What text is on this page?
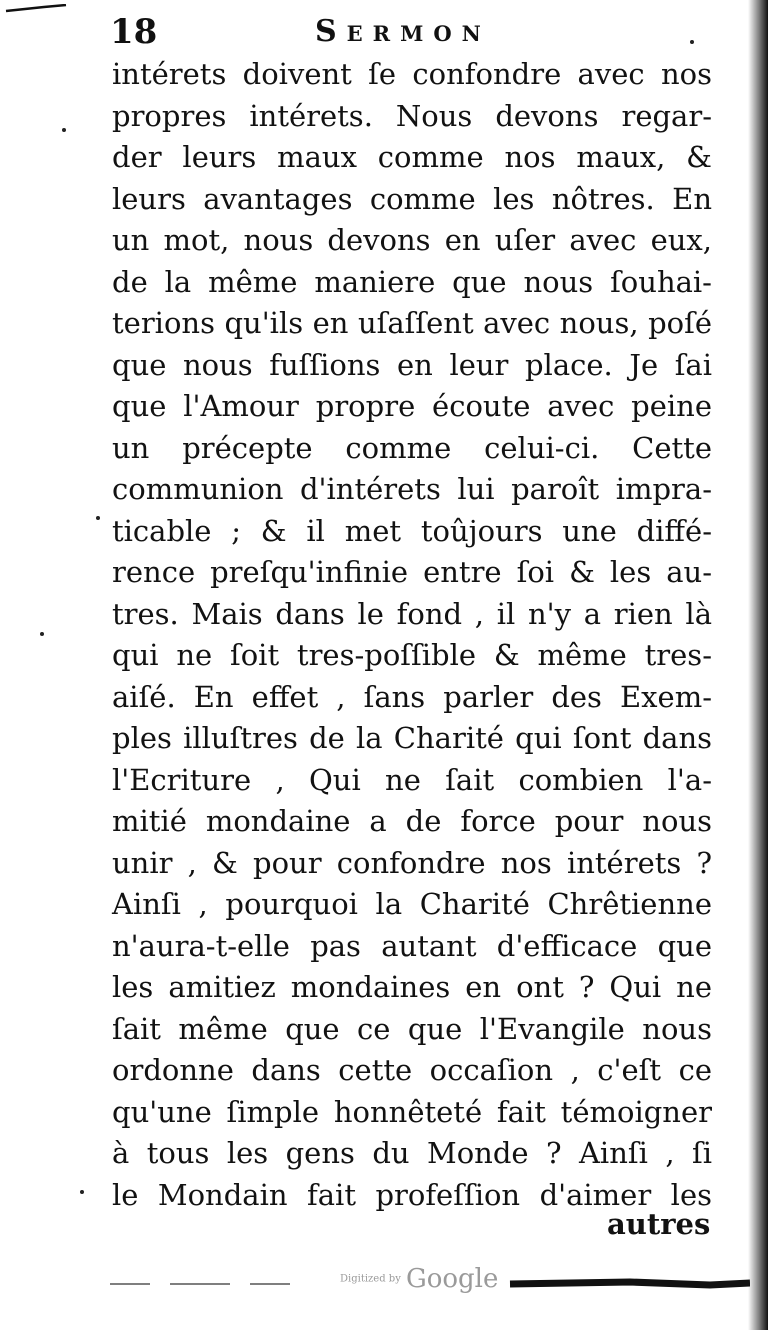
18	Sermon
intérets doivent ſe confondre avec nos
propres intérets. Nous devons regar-
der leurs maux comme nos maux, &
leurs avantages comme les nôtres. En
un mot, nous devons en uſer avec eux,
de la même maniere que nous ſouhai-
terions qu'ils en uſaſſent avec nous, poſé
que nous fuſſions en leur place. Je ſai
que l'Amour propre écoute avec peine
un précepte comme celui-ci. Cette
communion d'intérets lui paroît impra-
ticable ; & il met toûjours une diffé-
rence preſqu'infinie entre ſoi & les au-
tres. Mais dans le fond , il n'y a rien là
qui ne ſoit tres-poſſible & même tres-
aiſé. En effet , ſans parler des Exem-
ples illuſtres de la Charité qui ſont dans
l'Ecriture , Qui ne ſait combien l'a-
mitié mondaine a de force pour nous
unir , & pour confondre nos intérets ?
Ainſi , pourquoi la Charité Chrêtienne
n'aura-t-elle pas autant d'efficace que
les amitiez mondaines en ont ? Qui ne
ſait même que ce que l'Evangile nous
ordonne dans cette occaſion , c'eſt ce
qu'une ſimple honnêteté fait témoigner
à tous les gens du Monde ? Ainſi , ſi
le Mondain fait profeſſion d'aimer les
autres
Digitized by Google
